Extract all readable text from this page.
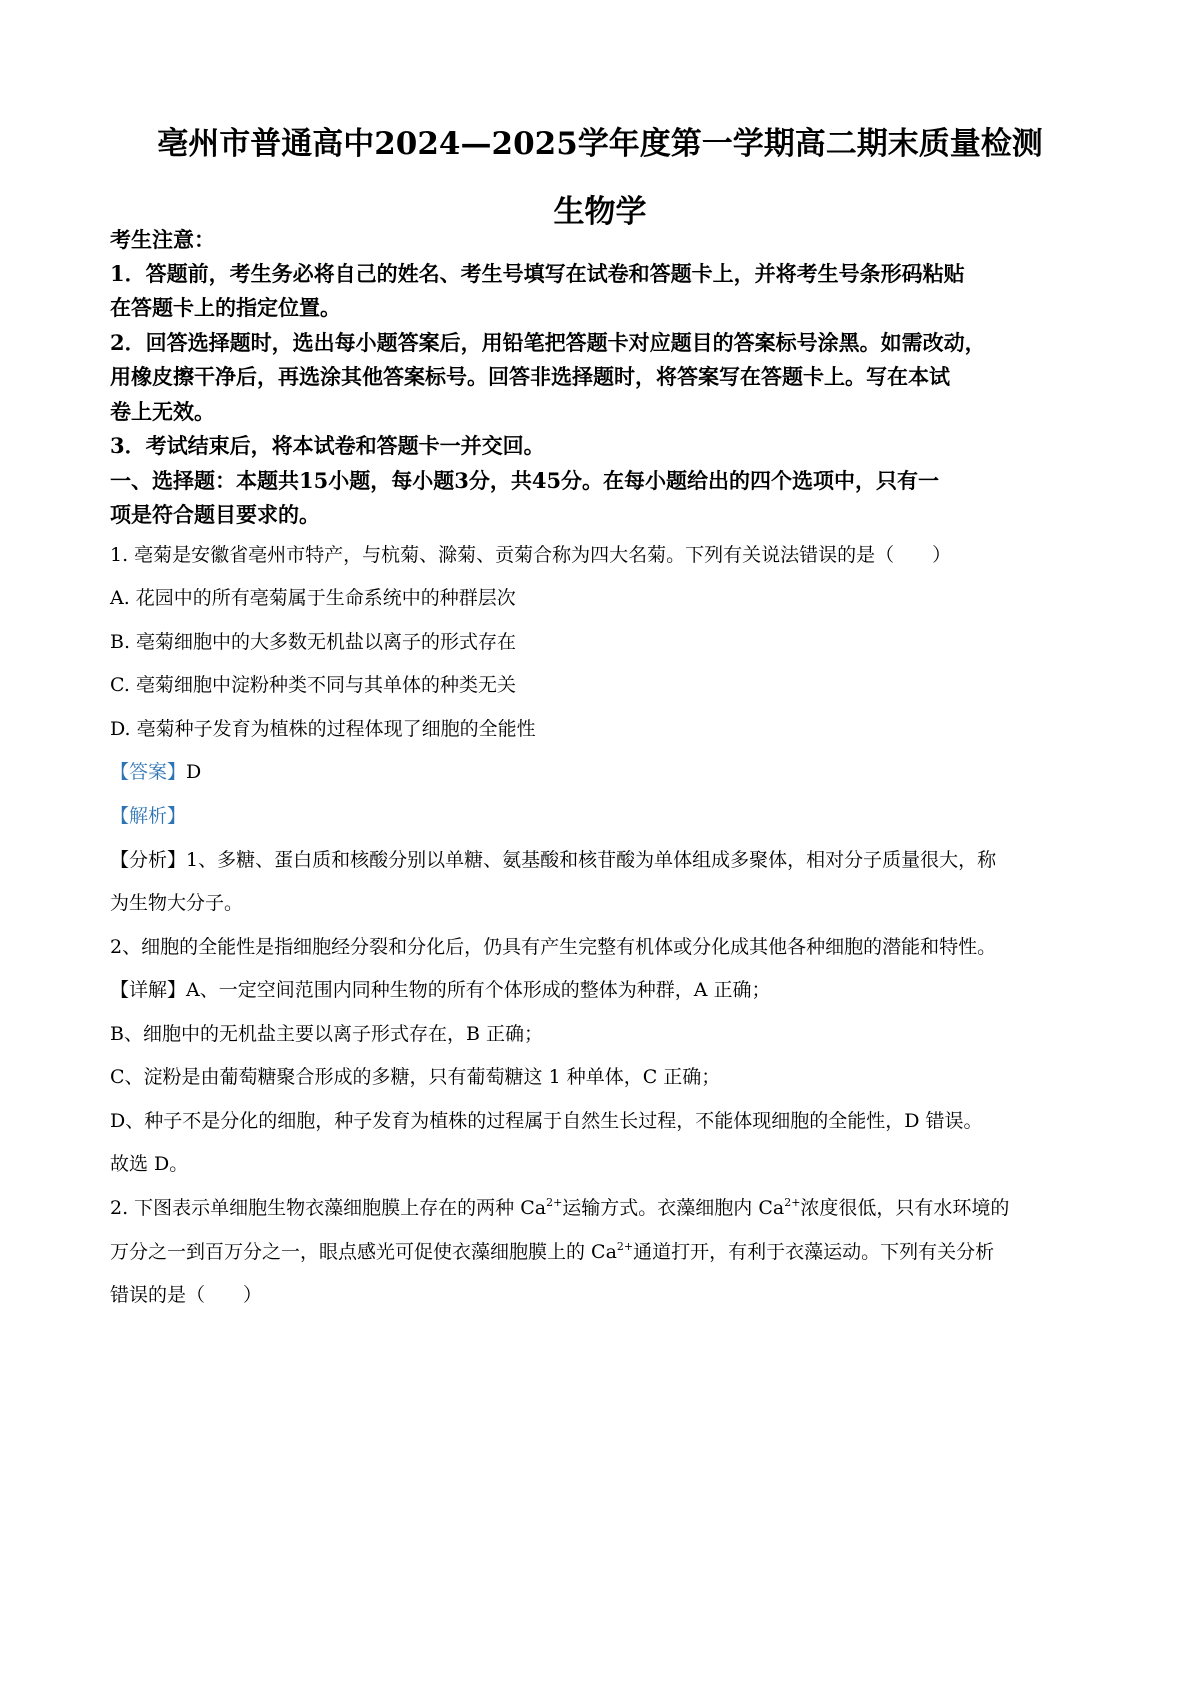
亳州市普通高中2024—2025学年度第一学期高二期末质量检测
生物学
考生注意：
1．答题前，考生务必将自己的姓名、考生号填写在试卷和答题卡上，并将考生号条形码粘贴
在答题卡上的指定位置。
2．回答选择题时，选出每小题答案后，用铅笔把答题卡对应题目的答案标号涂黑。如需改动，
用橡皮擦干净后，再选涂其他答案标号。回答非选择题时，将答案写在答题卡上。写在本试
卷上无效。
3．考试结束后，将本试卷和答题卡一并交回。
一、选择题：本题共15小题，每小题3分，共45分。在每小题给出的四个选项中，只有一
项是符合题目要求的。
1. 亳菊是安徽省亳州市特产，与杭菊、滁菊、贡菊合称为四大名菊。下列有关说法错误的是（　　）
A. 花园中的所有亳菊属于生命系统中的种群层次
B. 亳菊细胞中的大多数无机盐以离子的形式存在
C. 亳菊细胞中淀粉种类不同与其单体的种类无关
D. 亳菊种子发育为植株的过程体现了细胞的全能性
【答案】D
【解析】
【分析】1、多糖、蛋白质和核酸分别以单糖、氨基酸和核苷酸为单体组成多聚体，相对分子质量很大，称
为生物大分子。
2、细胞的全能性是指细胞经分裂和分化后，仍具有产生完整有机体或分化成其他各种细胞的潜能和特性。
【详解】A、一定空间范围内同种生物的所有个体形成的整体为种群，A 正确；
B、细胞中的无机盐主要以离子形式存在，B 正确；
C、淀粉是由葡萄糖聚合形成的多糖，只有葡萄糖这 1 种单体，C 正确；
D、种子不是分化的细胞，种子发育为植株的过程属于自然生长过程，不能体现细胞的全能性，D 错误。
故选 D。
2. 下图表示单细胞生物衣藻细胞膜上存在的两种 $Ca^{2+}$运输方式。衣藻细胞内 $Ca^{2+}$浓度很低，只有水环境的
万分之一到百万分之一，眼点感光可促使衣藻细胞膜上的 $Ca^{2+}$通道打开，有利于衣藻运动。下列有关分析
错误的是（　　）
